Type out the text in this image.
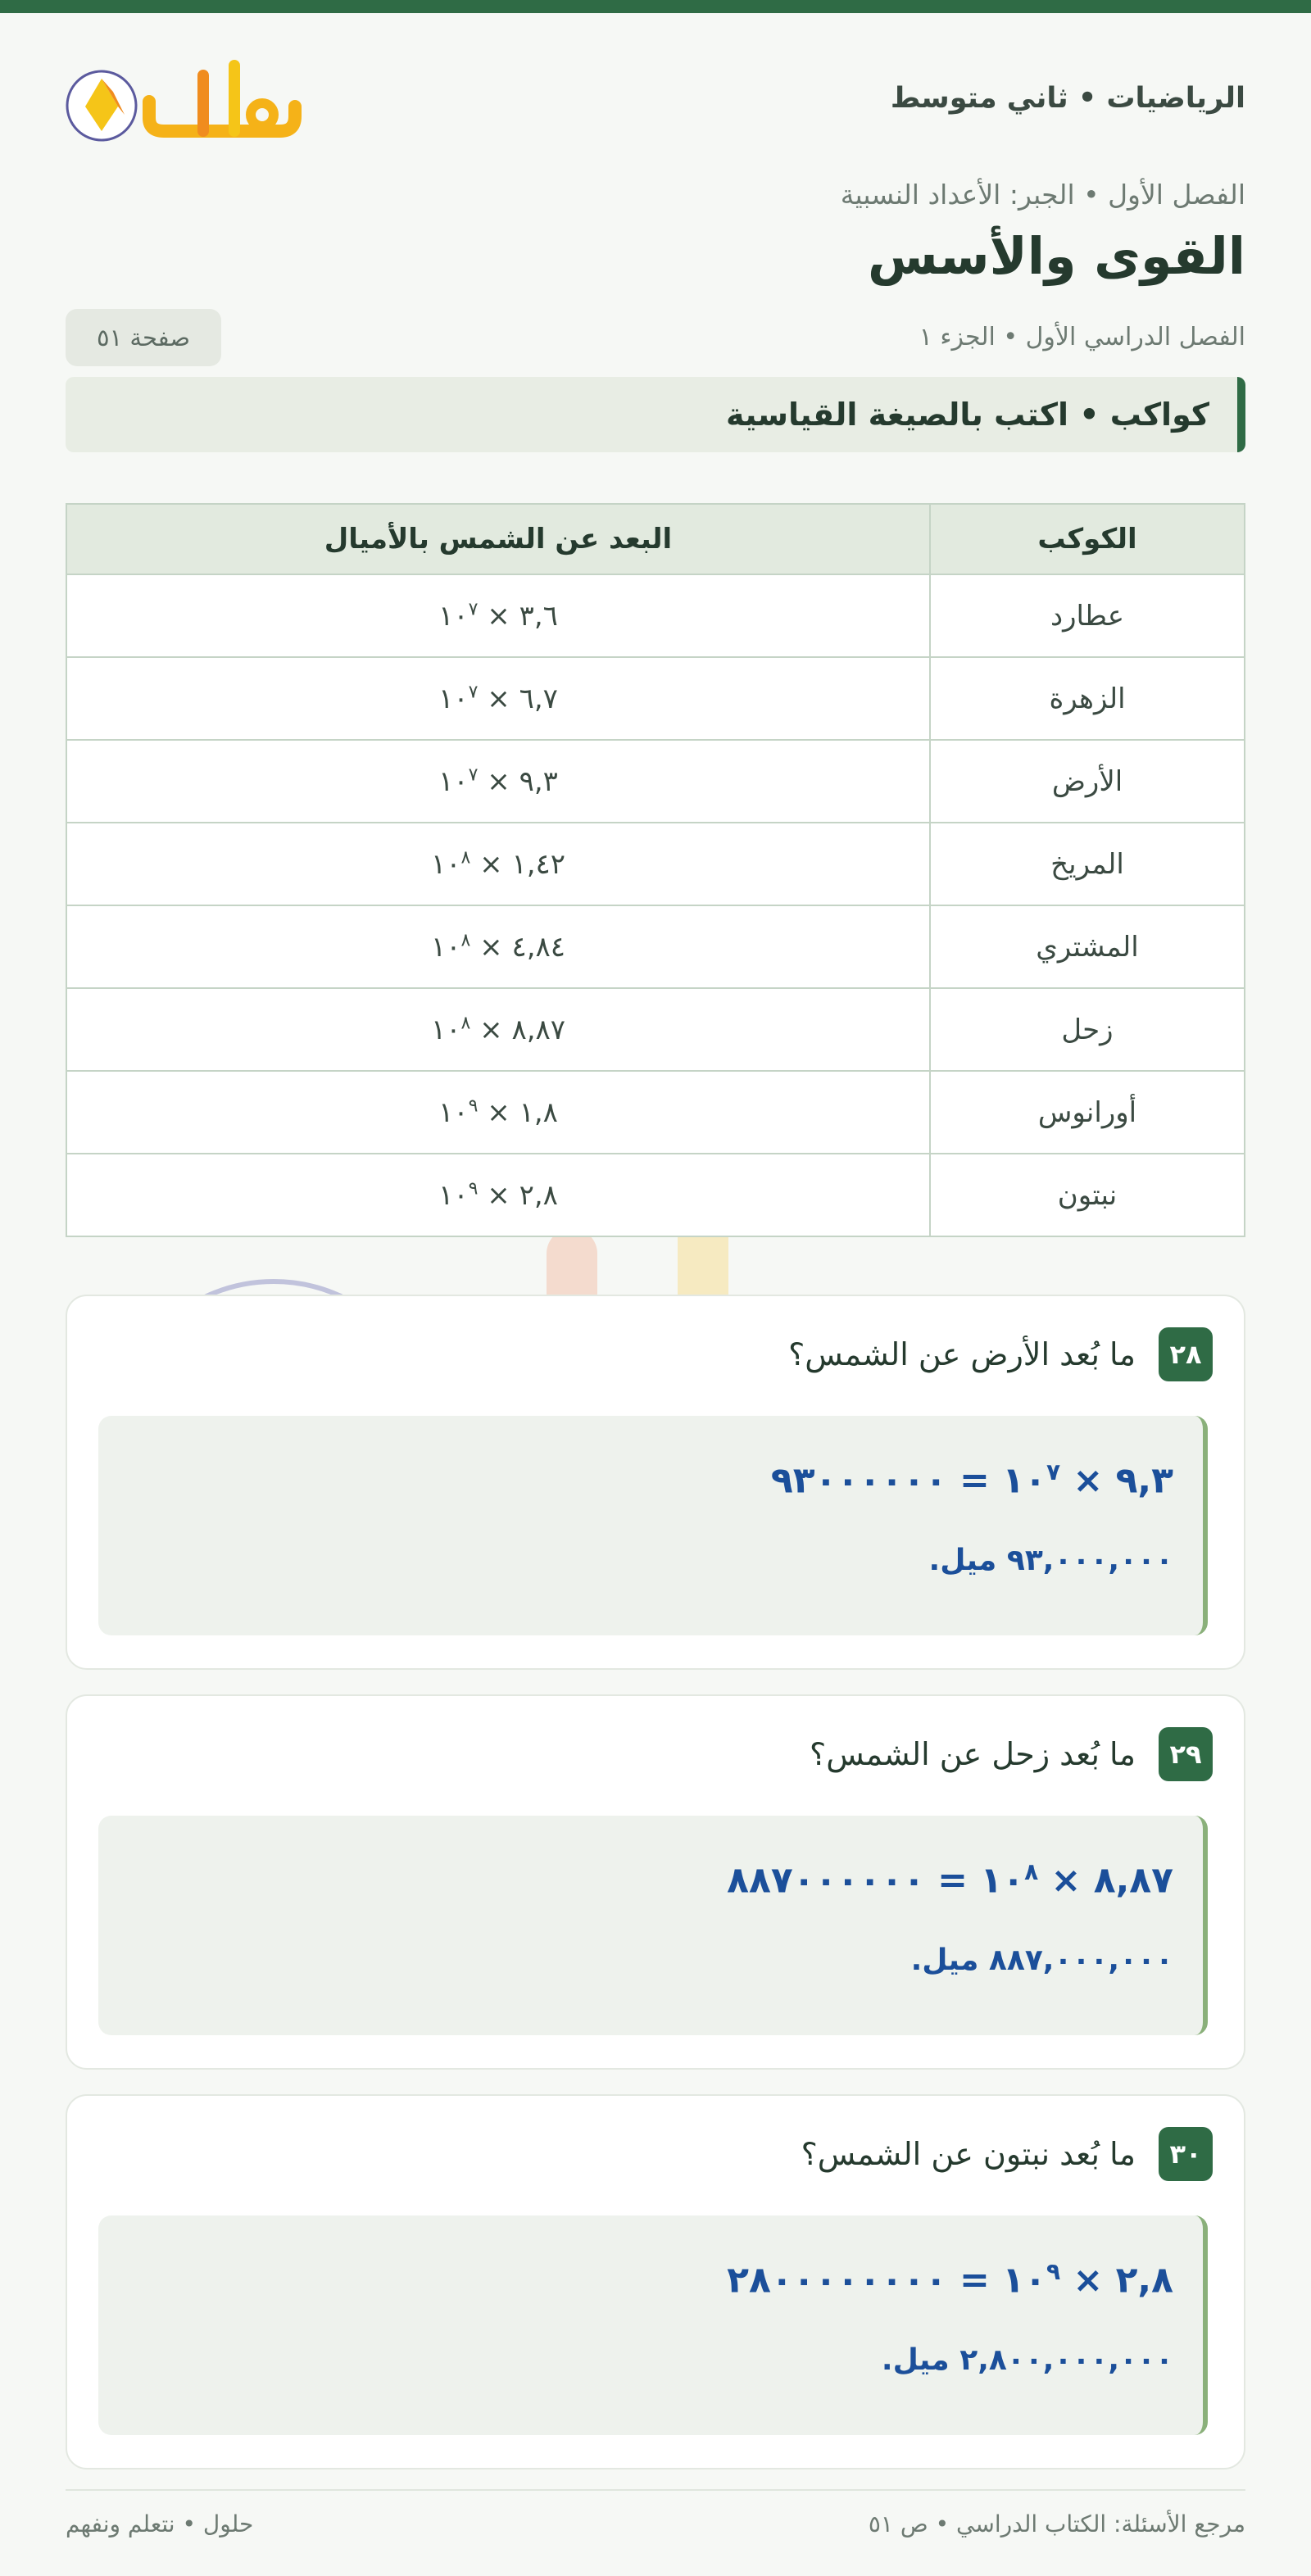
الرياضيات • ثاني متوسط
الفصل الأول • الجبر: الأعداد النسبية
القوى والأسس
الفصل الدراسي الأول • الجزء ١
صفحة ٥١
كواكب • اكتب بالصيغة القياسية
الكوكب	البعد عن الشمس بالأميال
عطارد	٣,٦ × $١٠^٧$
الزهرة	٦,٧ × $١٠^٧$
الأرض	٩,٣ × $١٠^٧$
المريخ	١,٤٢ × $١٠^٨$
المشتري	٤,٨٤ × $١٠^٨$
زحل	٨,٨٧ × $١٠^٨$
أورانوس	١,٨ × $١٠^٩$
نبتون	٢,٨ × $١٠^٩$
٢٨
ما بُعد الأرض عن الشمس؟
٩,٣ × $١٠^٧$ = ٩٣٠٠٠٠٠٠
٩٣,٠٠٠,٠٠٠ ميل.
٢٩
ما بُعد زحل عن الشمس؟
٨,٨٧ × $١٠^٨$ = ٨٨٧٠٠٠٠٠٠
٨٨٧,٠٠٠,٠٠٠ ميل.
٣٠
ما بُعد نبتون عن الشمس؟
٢,٨ × $١٠^٩$ = ٢٨٠٠٠٠٠٠٠٠
٢,٨٠٠,٠٠٠,٠٠٠ ميل.
مرجع الأسئلة: الكتاب الدراسي • ص ٥١
حلول • نتعلم ونفهم
